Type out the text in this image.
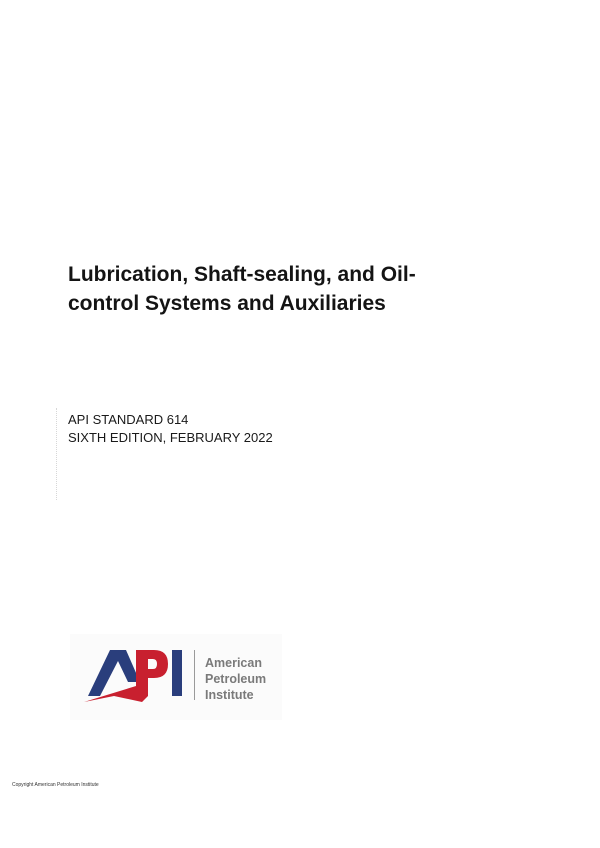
Lubrication, Shaft-sealing, and Oil-
control Systems and Auxiliaries
API STANDARD 614
SIXTH EDITION, FEBRUARY 2022
American
Petroleum
Institute
Copyright American Petroleum Institute
